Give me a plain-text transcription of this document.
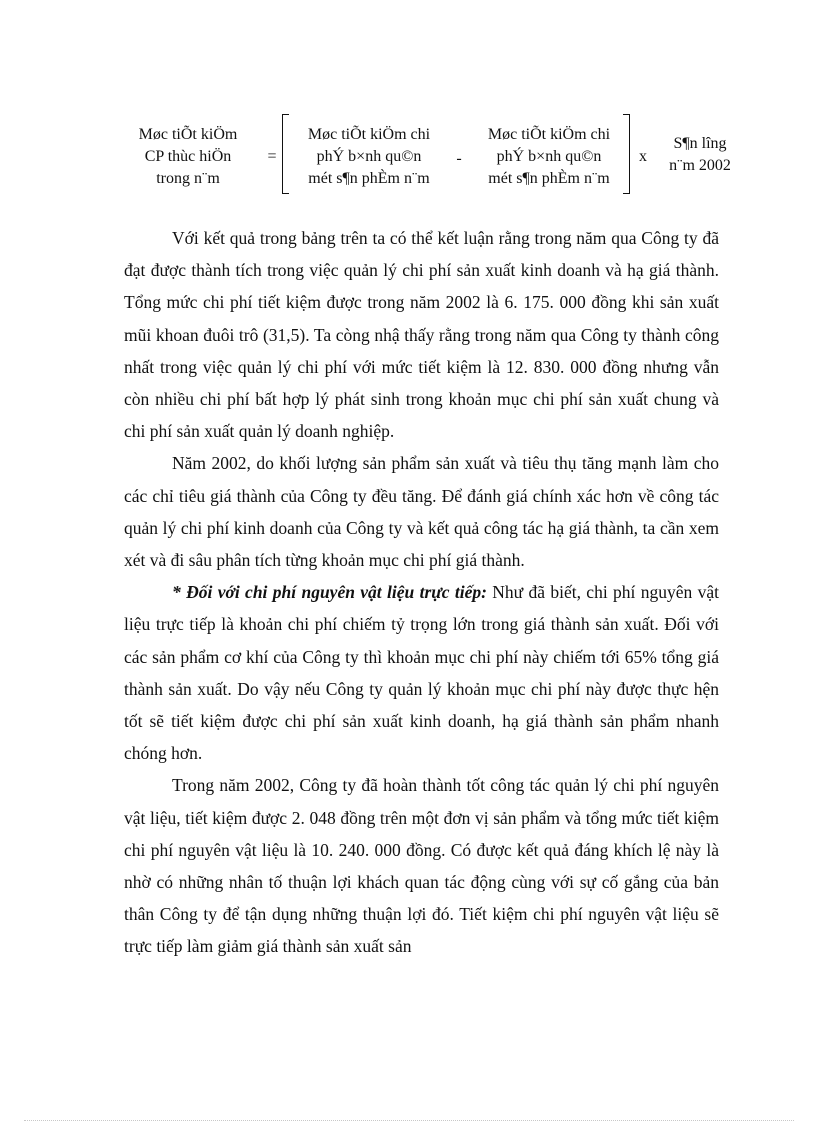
Møc tiÕt kiÖm
CP thùc hiÖn
trong n¨m
=
Møc tiÕt kiÖm chi
phÝ b×nh qu©n
mét s¶n phÈm n¨m
-
Møc tiÕt kiÖm chi
phÝ b×nh qu©n
mét s¶n phÈm n¨m
x
S¶n lîng
n¨m 2002

Với kết quả trong bảng trên ta có thể kết luận rằng trong năm qua Công ty đã đạt được thành tích trong việc quản lý chi phí sản xuất kinh doanh và hạ giá thành. Tổng mức chi phí tiết kiệm được trong năm 2002 là 6. 175. 000 đồng khi sản xuất mũi khoan đuôi trô (31,5). Ta còng nhậ thấy rằng trong năm qua Công ty thành công nhất trong việc quản lý chi phí với mức tiết kiệm là 12. 830. 000 đồng nhưng vẫn còn nhiều chi phí bất hợp lý phát sinh trong khoản mục chi phí sản xuất chung và chi phí sản xuất quản lý doanh nghiệp.

Năm 2002, do khối lượng sản phẩm sản xuất và tiêu thụ tăng mạnh làm cho các chỉ tiêu giá thành của Công ty đều tăng. Để đánh giá chính xác hơn về công tác quản lý chi phí kinh doanh của Công ty và kết quả công tác hạ giá thành, ta cần xem xét và đi sâu phân tích từng khoản mục chi phí giá thành.

* Đối với chi phí nguyên vật liệu trực tiếp: Như đã biết, chi phí nguyên vật liệu trực tiếp là khoản chi phí chiếm tỷ trọng lớn trong giá thành sản xuất. Đối với các sản phẩm cơ khí của Công ty thì khoản mục chi phí này chiếm tới 65% tổng giá thành sản xuất. Do vậy nếu Công ty quản lý khoản mục chi phí này được thực hện tốt sẽ tiết kiệm được chi phí sản xuất kinh doanh, hạ giá thành sản phẩm nhanh chóng hơn.

Trong năm 2002, Công ty đã hoàn thành tốt công tác quản lý chi phí nguyên vật liệu, tiết kiệm được 2. 048 đồng trên một đơn vị sản phẩm và tổng mức tiết kiệm chi phí nguyên vật liệu là 10. 240. 000 đồng. Có được kết quả đáng khích lệ này là nhờ có những nhân tố thuận lợi khách quan tác động cùng với sự cố gắng của bản thân Công ty để tận dụng những thuận lợi đó. Tiết kiệm chi phí nguyên vật liệu sẽ trực tiếp làm giảm giá thành sản xuất sản
